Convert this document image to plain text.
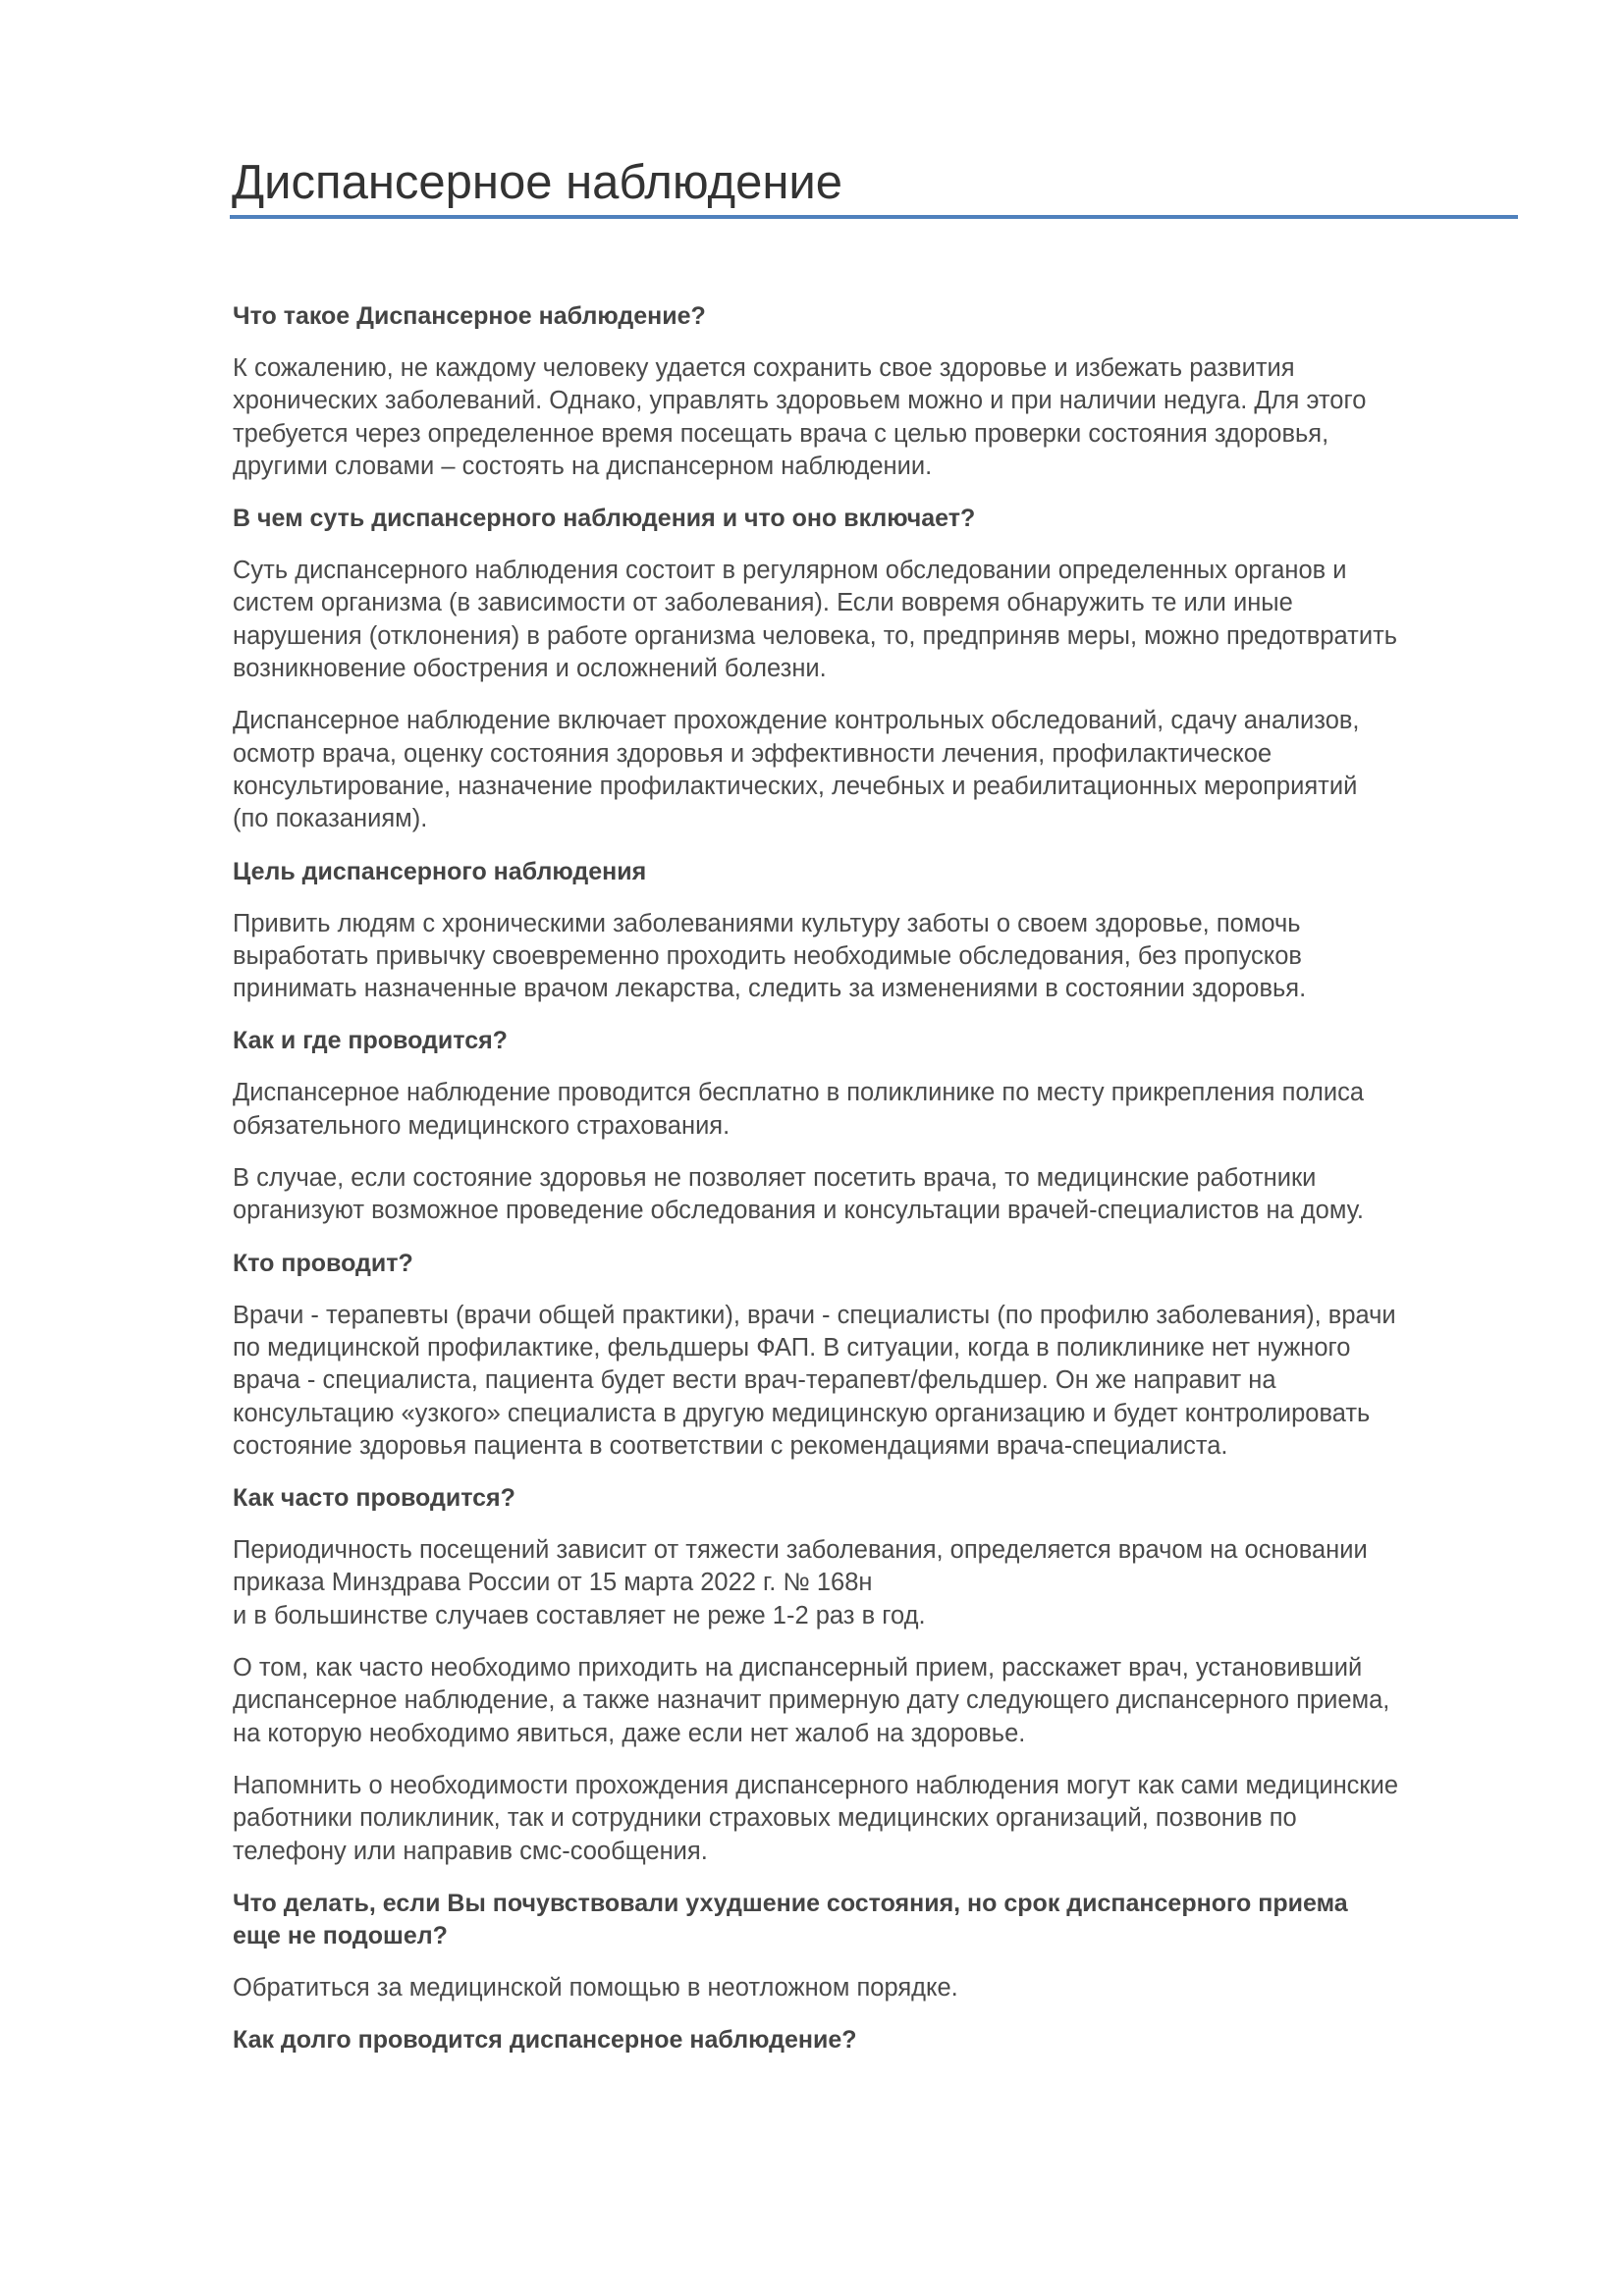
Диспансерное наблюдение
Что такое Диспансерное наблюдение?
К сожалению, не каждому человеку удается сохранить свое здоровье и избежать развития
хронических заболеваний. Однако, управлять здоровьем можно и при наличии недуга. Для этого
требуется через определенное время посещать врача с целью проверки состояния здоровья,
другими словами – состоять на диспансерном наблюдении.
В чем суть диспансерного наблюдения и что оно включает?
Суть диспансерного наблюдения состоит в регулярном обследовании определенных органов и
систем организма (в зависимости от заболевания). Если вовремя обнаружить те или иные
нарушения (отклонения) в работе организма человека, то, предприняв меры, можно предотвратить
возникновение обострения и осложнений болезни.
Диспансерное наблюдение включает прохождение контрольных обследований, сдачу анализов,
осмотр врача, оценку состояния здоровья и эффективности лечения, профилактическое
консультирование, назначение профилактических, лечебных и реабилитационных мероприятий
(по показаниям).
Цель диспансерного наблюдения
Привить людям с хроническими заболеваниями культуру заботы о своем здоровье, помочь
выработать привычку своевременно проходить необходимые обследования, без пропусков
принимать назначенные врачом лекарства, следить за изменениями в состоянии здоровья.
Как и где проводится?
Диспансерное наблюдение проводится бесплатно в поликлинике по месту прикрепления полиса
обязательного медицинского страхования.
В случае, если состояние здоровья не позволяет посетить врача, то медицинские работники
организуют возможное проведение обследования и консультации врачей-специалистов на дому.
Кто проводит?
Врачи - терапевты (врачи общей практики), врачи - специалисты (по профилю заболевания), врачи
по медицинской профилактике, фельдшеры ФАП. В ситуации, когда в поликлинике нет нужного
врача - специалиста, пациента будет вести врач-терапевт/фельдшер. Он же направит на
консультацию «узкого» специалиста в другую медицинскую организацию и будет контролировать
состояние здоровья пациента в соответствии с рекомендациями врача-специалиста.
Как часто проводится?
Периодичность посещений зависит от тяжести заболевания, определяется врачом на основании
приказа Минздрава России от 15 марта 2022 г. № 168н
и в большинстве случаев составляет не реже 1-2 раз в год.
О том, как часто необходимо приходить на диспансерный прием, расскажет врач, установивший
диспансерное наблюдение, а также назначит примерную дату следующего диспансерного приема,
на которую необходимо явиться, даже если нет жалоб на здоровье.
Напомнить о необходимости прохождения диспансерного наблюдения могут как сами медицинские
работники поликлиник, так и сотрудники страховых медицинских организаций, позвонив по
телефону или направив смс-сообщения.
Что делать, если Вы почувствовали ухудшение состояния, но срок диспансерного приема
еще не подошел?
Обратиться за медицинской помощью в неотложном порядке.
Как долго проводится диспансерное наблюдение?
